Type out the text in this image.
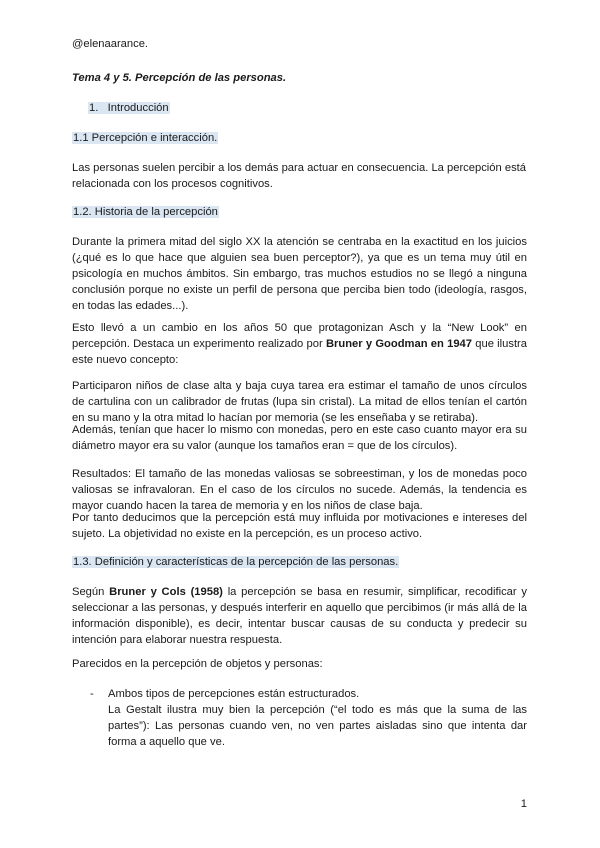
@elenaarance.
Tema 4 y 5. Percepción de las personas.
1. Introducción
1.1 Percepción e interacción.
Las personas suelen percibir a los demás para actuar en consecuencia. La percepción está relacionada con los procesos cognitivos.
1.2. Historia de la percepción
Durante la primera mitad del siglo XX la atención se centraba en la exactitud en los juicios (¿qué es lo que hace que alguien sea buen perceptor?), ya que es un tema muy útil en psicología en muchos ámbitos. Sin embargo, tras muchos estudios no se llegó a ninguna conclusión porque no existe un perfil de persona que perciba bien todo (ideología, rasgos, en todas las edades...).
Esto llevó a un cambio en los años 50 que protagonizan Asch y la “New Look” en percepción. Destaca un experimento realizado por Bruner y Goodman en 1947 que ilustra este nuevo concepto:
Participaron niños de clase alta y baja cuya tarea era estimar el tamaño de unos círculos de cartulina con un calibrador de frutas (lupa sin cristal). La mitad de ellos tenían el cartón en su mano y la otra mitad lo hacían por memoria (se les enseñaba y se retiraba).
Además, tenían que hacer lo mismo con monedas, pero en este caso cuanto mayor era su diámetro mayor era su valor (aunque los tamaños eran = que de los círculos).
Resultados: El tamaño de las monedas valiosas se sobreestiman, y los de monedas poco valiosas se infravaloran. En el caso de los círculos no sucede. Además, la tendencia es mayor cuando hacen la tarea de memoria y en los niños de clase baja.
Por tanto deducimos que la percepción está muy influida por motivaciones e intereses del sujeto. La objetividad no existe en la percepción, es un proceso activo.
1.3. Definición y características de la percepción de las personas.
Según Bruner y Cols (1958) la percepción se basa en resumir, simplificar, recodificar y seleccionar a las personas, y después interferir en aquello que percibimos (ir más allá de la información disponible), es decir, intentar buscar causas de su conducta y predecir su intención para elaborar nuestra respuesta.
Parecidos en la percepción de objetos y personas:
- Ambos tipos de percepciones están estructurados.
La Gestalt ilustra muy bien la percepción (“el todo es más que la suma de las partes”): Las personas cuando ven, no ven partes aisladas sino que intenta dar forma a aquello que ve.
1
